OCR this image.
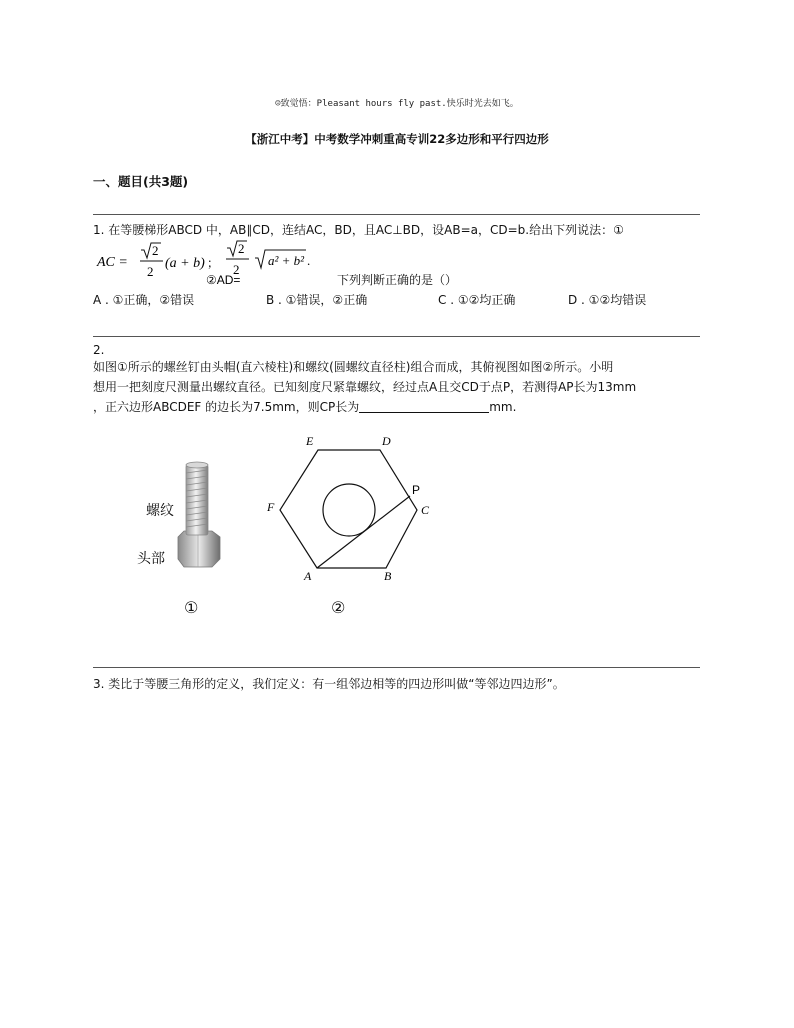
☺致觉悟：Pleasant hours fly past.快乐时光去如飞。
【浙江中考】中考数学冲刺重高专训22多边形和平行四边形
一、题目(共3题)
1. 在等腰梯形ABCD 中，AB∥CD，连结AC，BD，且AC⊥BD，设AB=a，CD=b.给出下列说法：①
AC =
2
2
(a + b) ；
2
2
a² + b² .
②AD=	下列判断正确的是（）
A . ①正确，②错误	B . ①错误，②正确	C . ①②均正确	D . ①②均错误
2.
如图①所示的螺丝钉由头帽(直六棱柱)和螺纹(圆螺纹直径柱)组合而成，其俯视图如图②所示。小明
想用一把刻度尺测量出螺纹直径。已知刻度尺紧靠螺纹，经过点A且交CD于点P，若测得AP长为13mm
，正六边形ABCDEF 的边长为7.5mm，则CP长为	mm.
螺纹
头部
①
E	D
F	C
P
A	B
②
3. 类比于等腰三角形的定义，我们定义：有一组邻边相等的四边形叫做“等邻边四边形”。
